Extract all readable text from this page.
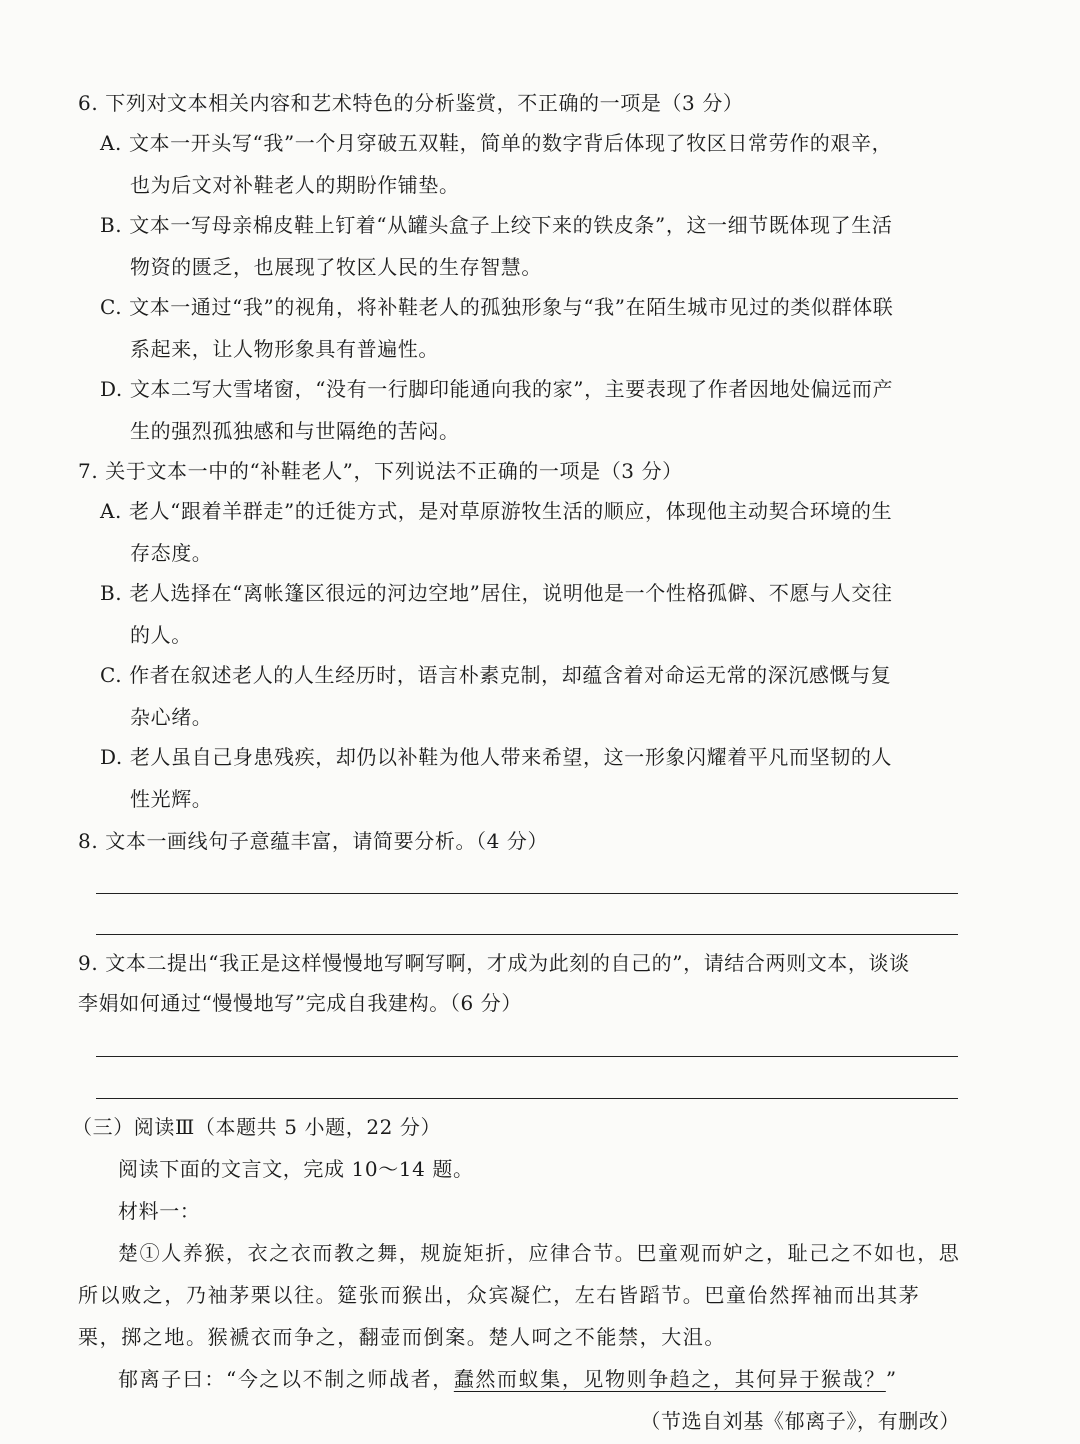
6. 下列对文本相关内容和艺术特色的分析鉴赏，不正确的一项是（3 分）
A. 文本一开头写“我”一个月穿破五双鞋，简单的数字背后体现了牧区日常劳作的艰辛，
也为后文对补鞋老人的期盼作铺垫。
B. 文本一写母亲棉皮鞋上钉着“从罐头盒子上绞下来的铁皮条”，这一细节既体现了生活
物资的匮乏，也展现了牧区人民的生存智慧。
C. 文本一通过“我”的视角，将补鞋老人的孤独形象与“我”在陌生城市见过的类似群体联
系起来，让人物形象具有普遍性。
D. 文本二写大雪堵窗，“没有一行脚印能通向我的家”，主要表现了作者因地处偏远而产
生的强烈孤独感和与世隔绝的苦闷。
7. 关于文本一中的“补鞋老人”，下列说法不正确的一项是（3 分）
A. 老人“跟着羊群走”的迁徙方式，是对草原游牧生活的顺应，体现他主动契合环境的生
存态度。
B. 老人选择在“离帐篷区很远的河边空地”居住，说明他是一个性格孤僻、不愿与人交往
的人。
C. 作者在叙述老人的人生经历时，语言朴素克制，却蕴含着对命运无常的深沉感慨与复
杂心绪。
D. 老人虽自己身患残疾，却仍以补鞋为他人带来希望，这一形象闪耀着平凡而坚韧的人
性光辉。
8. 文本一画线句子意蕴丰富，请简要分析。（4 分）
9. 文本二提出“我正是这样慢慢地写啊写啊，才成为此刻的自己的”，请结合两则文本，谈谈
李娟如何通过“慢慢地写”完成自我建构。（6 分）
（三）阅读Ⅲ（本题共 5 小题，22 分）
阅读下面的文言文，完成 10～14 题。
材料一：
楚①人养猴，衣之衣而教之舞，规旋矩折，应律合节。巴童观而妒之，耻己之不如也，思
所以败之，乃袖茅栗以往。筵张而猴出，众宾凝伫，左右皆蹈节。巴童佁然挥袖而出其茅
栗，掷之地。猴褫衣而争之，翻壶而倒案。楚人呵之不能禁，大沮。
郁离子曰：“今之以不制之师战者，蠢然而蚁集，见物则争趋之，其何异于猴哉？”
（节选自刘基《郁离子》，有删改）
